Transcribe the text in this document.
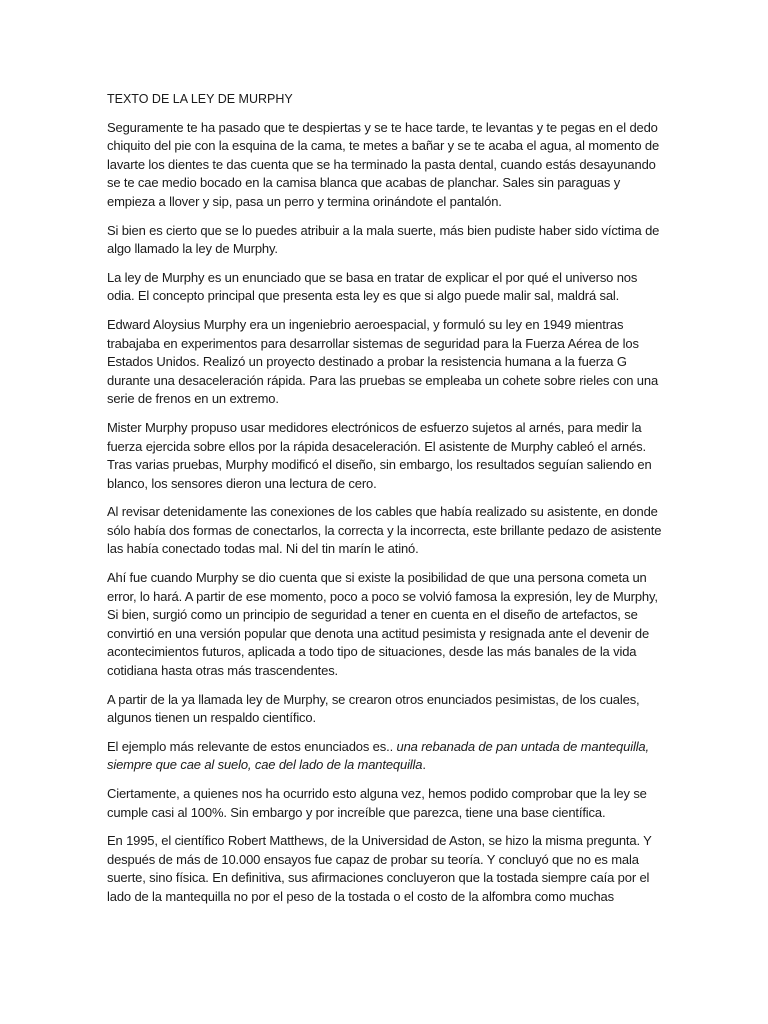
TEXTO DE LA LEY DE MURPHY

Seguramente te ha pasado que te despiertas y se te hace tarde, te levantas y te pegas en el dedo chiquito del pie con la esquina de la cama, te metes a bañar y se te acaba el agua, al momento de lavarte los dientes te das cuenta que se ha terminado la pasta dental, cuando estás desayunando se te cae medio bocado en la camisa blanca que acabas de planchar. Sales sin paraguas y empieza a llover y sip, pasa un perro y termina orinándote el pantalón.

Si bien es cierto que se lo puedes atribuir a la mala suerte, más bien pudiste haber sido víctima de algo llamado la ley de Murphy.

La ley de Murphy es un enunciado que se basa en tratar de explicar el por qué el universo nos odia. El concepto principal que presenta esta ley es que si algo puede malir sal, maldrá sal.

Edward Aloysius Murphy era un ingeniebrio aeroespacial, y formuló su ley en 1949 mientras trabajaba en experimentos para desarrollar sistemas de seguridad para la Fuerza Aérea de los Estados Unidos. Realizó un proyecto destinado a probar la resistencia humana a la fuerza G durante una desaceleración rápida. Para las pruebas se empleaba un cohete sobre rieles con una serie de frenos en un extremo.

Mister Murphy propuso usar medidores electrónicos de esfuerzo sujetos al arnés, para medir la fuerza ejercida sobre ellos por la rápida desaceleración. El asistente de Murphy cableó el arnés. Tras varias pruebas, Murphy modificó el diseño, sin embargo, los resultados seguían saliendo en blanco, los sensores dieron una lectura de cero.

Al revisar detenidamente las conexiones de los cables que había realizado su asistente, en donde sólo había dos formas de conectarlos, la correcta y la incorrecta, este brillante pedazo de asistente las había conectado todas mal. Ni del tin marín le atinó.

Ahí fue cuando Murphy se dio cuenta que si existe la posibilidad de que una persona cometa un error, lo hará. A partir de ese momento, poco a poco se volvió famosa la expresión, ley de Murphy, Si bien, surgió como un principio de seguridad a tener en cuenta en el diseño de artefactos, se convirtió en una versión popular que denota una actitud pesimista y resignada ante el devenir de acontecimientos futuros, aplicada a todo tipo de situaciones, desde las más banales de la vida cotidiana hasta otras más trascendentes.

A partir de la ya llamada ley de Murphy, se crearon otros enunciados pesimistas, de los cuales, algunos tienen un respaldo científico.

El ejemplo más relevante de estos enunciados es.. una rebanada de pan untada de mantequilla, siempre que cae al suelo, cae del lado de la mantequilla.

Ciertamente, a quienes nos ha ocurrido esto alguna vez, hemos podido comprobar que la ley se cumple casi al 100%. Sin embargo y por increíble que parezca, tiene una base científica.

En 1995, el científico Robert Matthews, de la Universidad de Aston, se hizo la misma pregunta. Y después de más de 10.000 ensayos fue capaz de probar su teoría. Y concluyó que no es mala suerte, sino física. En definitiva, sus afirmaciones concluyeron que la tostada siempre caía por el lado de la mantequilla no por el peso de la tostada o el costo de la alfombra como muchas
